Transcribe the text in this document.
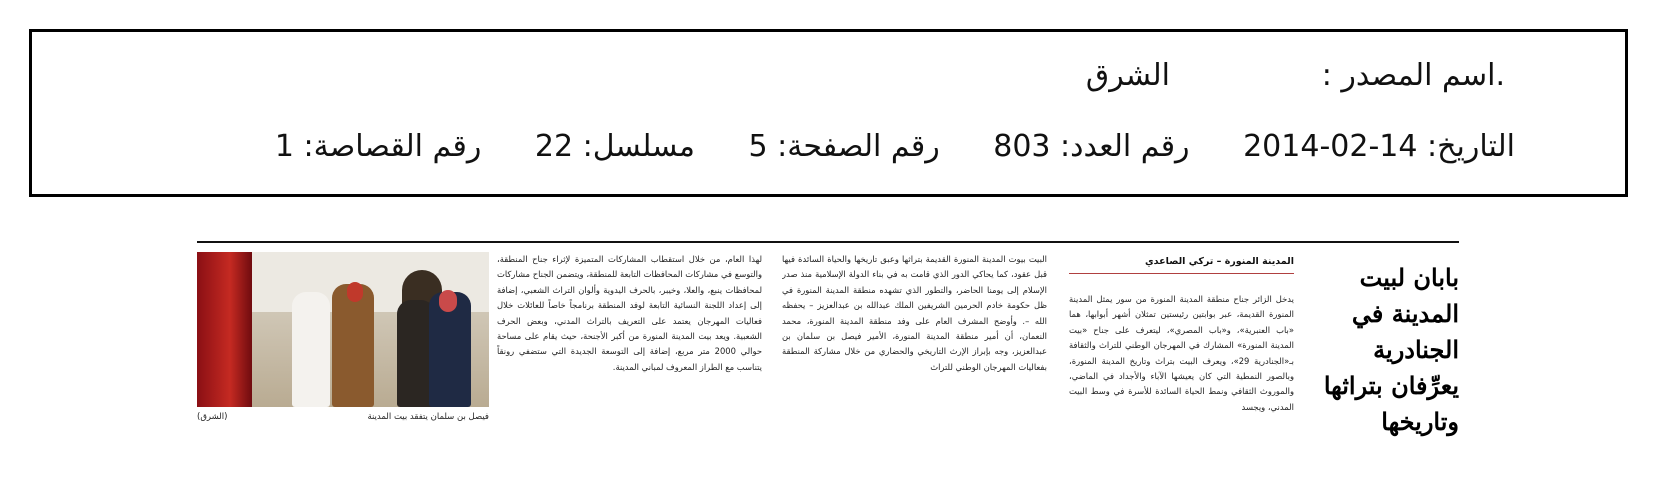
.اسم المصدر :
الشرق
التاريخ: 14-02-2014 رقم العدد: 803 رقم الصفحة: 5 مسلسل: 22 رقم القصاصة: 1
بابان لبيت المدينة في الجنادرية يعرِّفان بتراثها وتاريخها
المدينة المنورة – تركي الصاعدي
يدخل الزائر جناح منطقة المدينة المنورة من سور يمثل المدينة المنورة القديمة، عبر بوابتين رئيستين تمثلان أشهر أبوابها، هما «باب العنبرية»، و«باب المصري»، ليتعرف على جناح «بيت المدينة المنورة» المشارك في المهرجان الوطني للتراث والثقافة بـ«الجنادرية 29»، ويعرف البيت بتراث وتاريخ المدينة المنورة، وبالصور النمطية التي كان يعيشها الآباء والأجداد في الماضي، والموروث الثقافي ونمط الحياة السائدة للأسرة في وسط البيت المدني، ويجسد
البيت بيوت المدينة المنورة القديمة بتراثها وعبق تاريخها والحياة السائدة فيها قبل عقود، كما يحاكي الدور الذي قامت به في بناء الدولة الإسلامية منذ صدر الإسلام إلى يومنا الحاضر، والتطور الذي تشهده منطقة المدينة المنورة في ظل حكومة خادم الحرمين الشريفين الملك عبدالله بن عبدالعزيز – يحفظه الله –. وأوضح المشرف العام على وفد منطقة المدينة المنورة، محمد النعمان، أن أمير منطقة المدينة المنورة، الأمير فيصل بن سلمان بن عبدالعزيز، وجه بإبراز الإرث التاريخي والحضاري من خلال مشاركة المنطقة بفعاليات المهرجان الوطني للتراث
لهذا العام، من خلال استقطاب المشاركات المتميزة لإثراء جناح المنطقة، والتوسع في مشاركات المحافظات التابعة للمنطقة، ويتضمن الجناح مشاركات لمحافظات ينبع، والعلا، وخيبر، بالحرف اليدوية وألوان التراث الشعبي، إضافة إلى إعداد اللجنة النسائية التابعة لوفد المنطقة برنامجاً خاصاً للعائلات خلال فعاليات المهرجان يعتمد على التعريف بالتراث المدني، وبعض الحرف الشعبية. ويعد بيت المدينة المنورة من أكبر الأجنحة، حيث يقام على مساحة حوالي 2000 متر مربع، إضافة إلى التوسعة الجديدة التي ستضفي رونقاً يتناسب مع الطراز المعروف لمباني المدينة.
فيصل بن سلمان يتفقد بيت المدينة
(الشرق)
